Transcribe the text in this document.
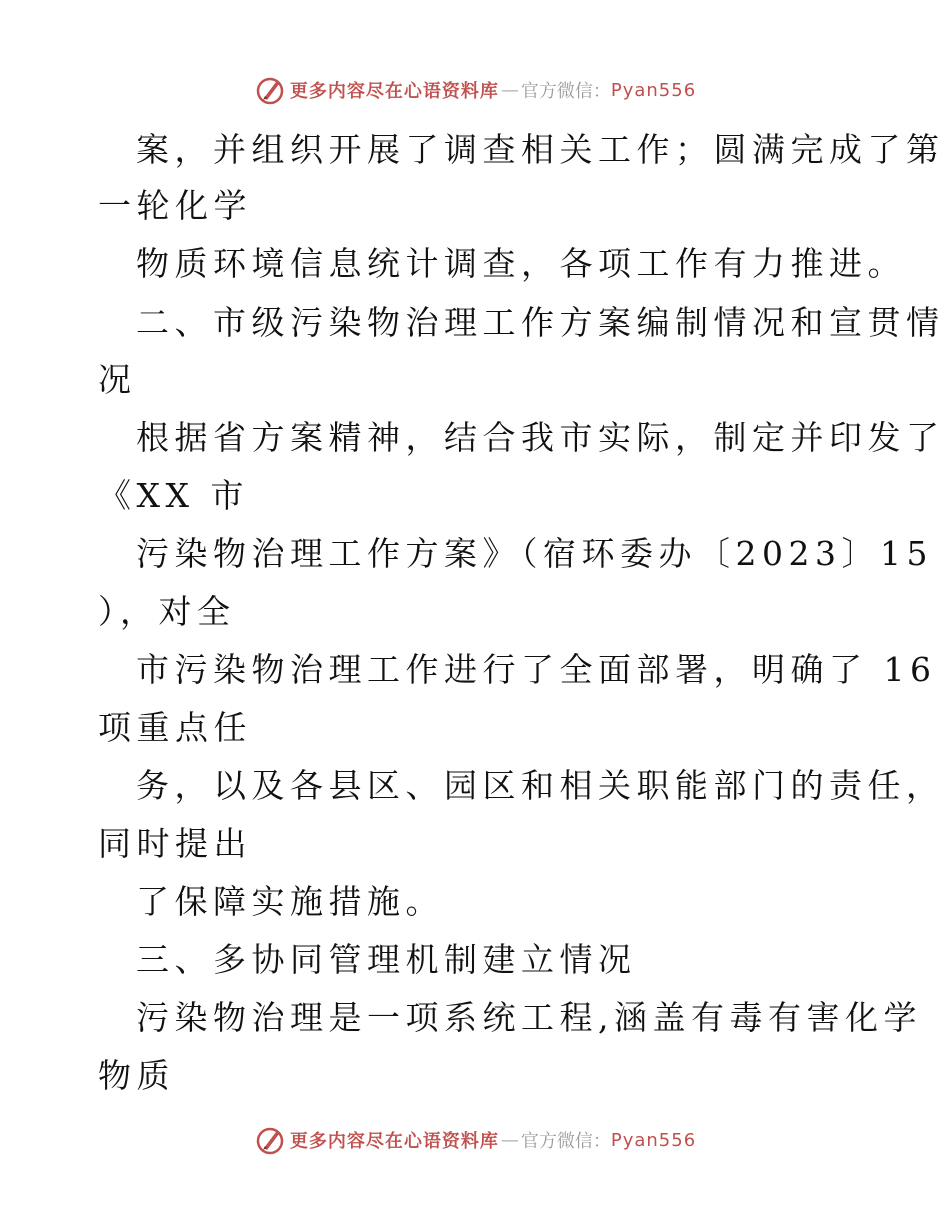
更多内容尽在心语资料库 — 官方微信： Pyan556
案，并组织开展了调查相关工作；圆满完成了第
一轮化学
物质环境信息统计调查，各项工作有力推进。
二、市级污染物治理工作方案编制情况和宣贯情
况
根据省方案精神，结合我市实际，制定并印发了
《XX 市
污染物治理工作方案》（宿环委办〔2023〕15
），对全
市污染物治理工作进行了全面部署，明确了 16
项重点任
务，以及各县区、园区和相关职能部门的责任，
同时提出
了保障实施措施。
三、多协同管理机制建立情况
污染物治理是一项系统工程,涵盖有毒有害化学
物质
更多内容尽在心语资料库 — 官方微信： Pyan556
